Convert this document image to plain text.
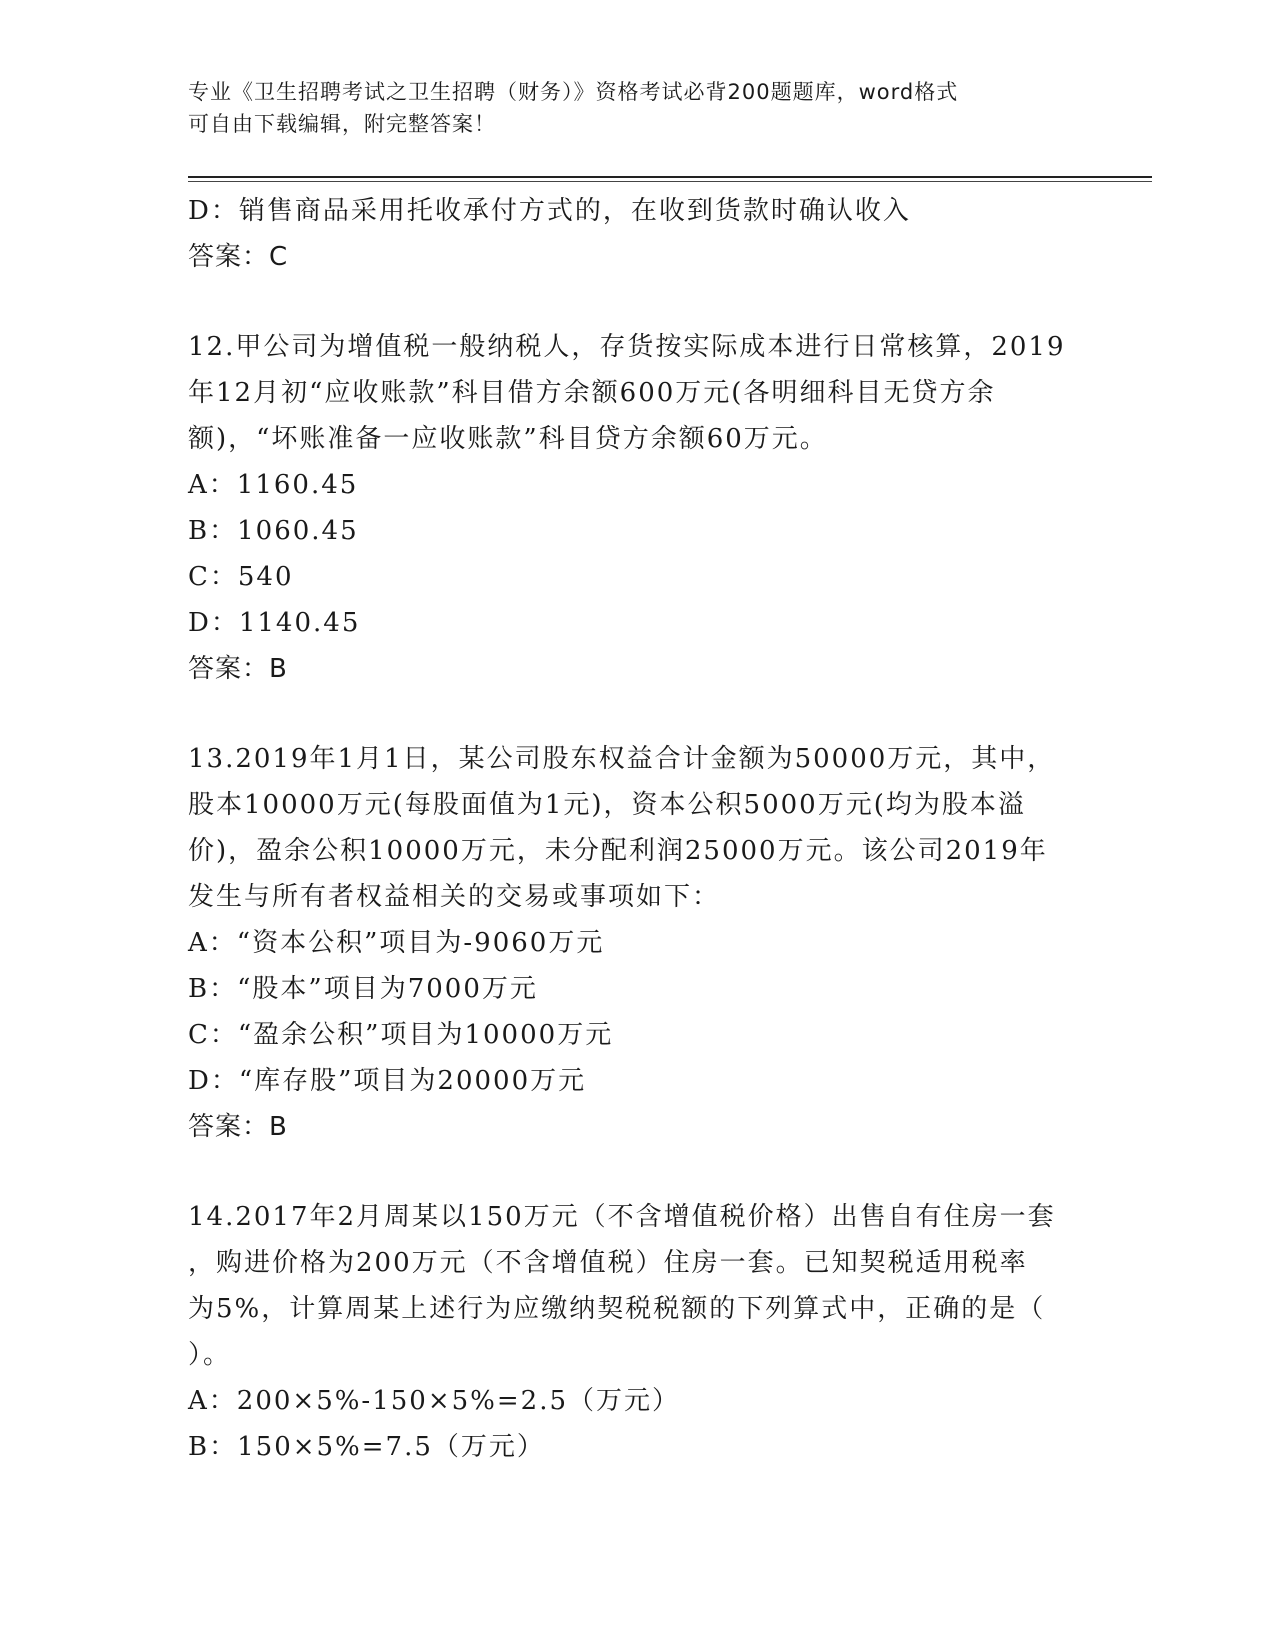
专业《卫生招聘考试之卫生招聘（财务）》资格考试必背200题题库，word格式
可自由下载编辑，附完整答案！
D：销售商品采用托收承付方式的，在收到货款时确认收入
答案：C
12.甲公司为增值税一般纳税人，存货按实际成本进行日常核算，2019
年12月初“应收账款”科目借方余额600万元(各明细科目无贷方余
额)，“坏账准备一应收账款”科目贷方余额60万元。
A：1160.45
B：1060.45
C：540
D：1140.45
答案：B
13.2019年1月1日，某公司股东权益合计金额为50000万元，其中，
股本10000万元(每股面值为1元)，资本公积5000万元(均为股本溢
价)，盈余公积10000万元，未分配利润25000万元。该公司2019年
发生与所有者权益相关的交易或事项如下：
A：“资本公积”项目为-9060万元
B：“股本”项目为7000万元
C：“盈余公积”项目为10000万元
D：“库存股”项目为20000万元
答案：B
14.2017年2月周某以150万元（不含增值税价格）出售自有住房一套
，购进价格为200万元（不含增值税）住房一套。已知契税适用税率
为5%，计算周某上述行为应缴纳契税税额的下列算式中，正确的是（
）。
A：200×5%-150×5%=2.5（万元）
B：150×5%=7.5（万元）
